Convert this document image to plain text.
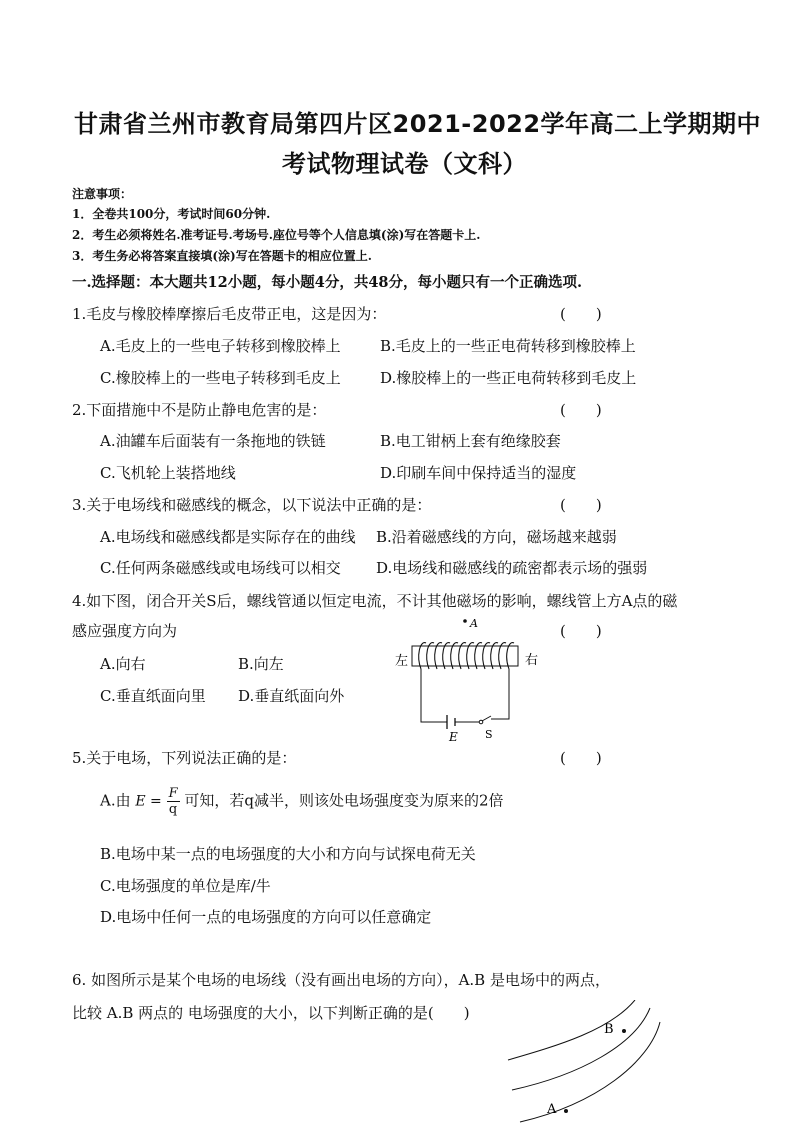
甘肃省兰州市教育局第四片区2021-2022学年高二上学期期中
考试物理试卷（文科）
注意事项：
1．全卷共100分，考试时间60分钟.
2．考生必须将姓名.准考证号.考场号.座位号等个人信息填(涂)写在答题卡上.
3．考生务必将答案直接填(涂)写在答题卡的相应位置上.
一.选择题：本大题共12小题，每小题4分，共48分，每小题只有一个正确选项.
1.毛皮与橡胶棒摩擦后毛皮带正电，这是因为：	(　　)
A.毛皮上的一些电子转移到橡胶棒上	B.毛皮上的一些正电荷转移到橡胶棒上
C.橡胶棒上的一些电子转移到毛皮上	D.橡胶棒上的一些正电荷转移到毛皮上
2.下面措施中不是防止静电危害的是：	(　　)
A.油罐车后面装有一条拖地的铁链	B.电工钳柄上套有绝缘胶套
C.飞机轮上装搭地线	D.印刷车间中保持适当的湿度
3.关于电场线和磁感线的概念，以下说法中正确的是：	(　　)
A.电场线和磁感线都是实际存在的曲线 B.沿着磁感线的方向，磁场越来越弱
C.任何两条磁感线或电场线可以相交 D.电场线和磁感线的疏密都表示场的强弱
4.如下图，闭合开关S后，螺线管通以恒定电流，不计其他磁场的影响，螺线管上方A点的磁
感应强度方向为	(　　)
A.向右	B.向左
C.垂直纸面向里 D.垂直纸面向外
A
左	右
E S
5.关于电场，下列说法正确的是：	(　　)
A.由 $E = \frac{F}{q}$ 可知，若q减半，则该处电场强度变为原来的2倍
B.电场中某一点的电场强度的大小和方向与试探电荷无关
C.电场强度的单位是库/牛
D.电场中任何一点的电场强度的方向可以任意确定
6. 如图所示是某个电场的电场线（没有画出电场的方向），A.B 是电场中的两点，
比较 A.B 两点的 电场强度的大小，以下判断正确的是(　　)
B
A
